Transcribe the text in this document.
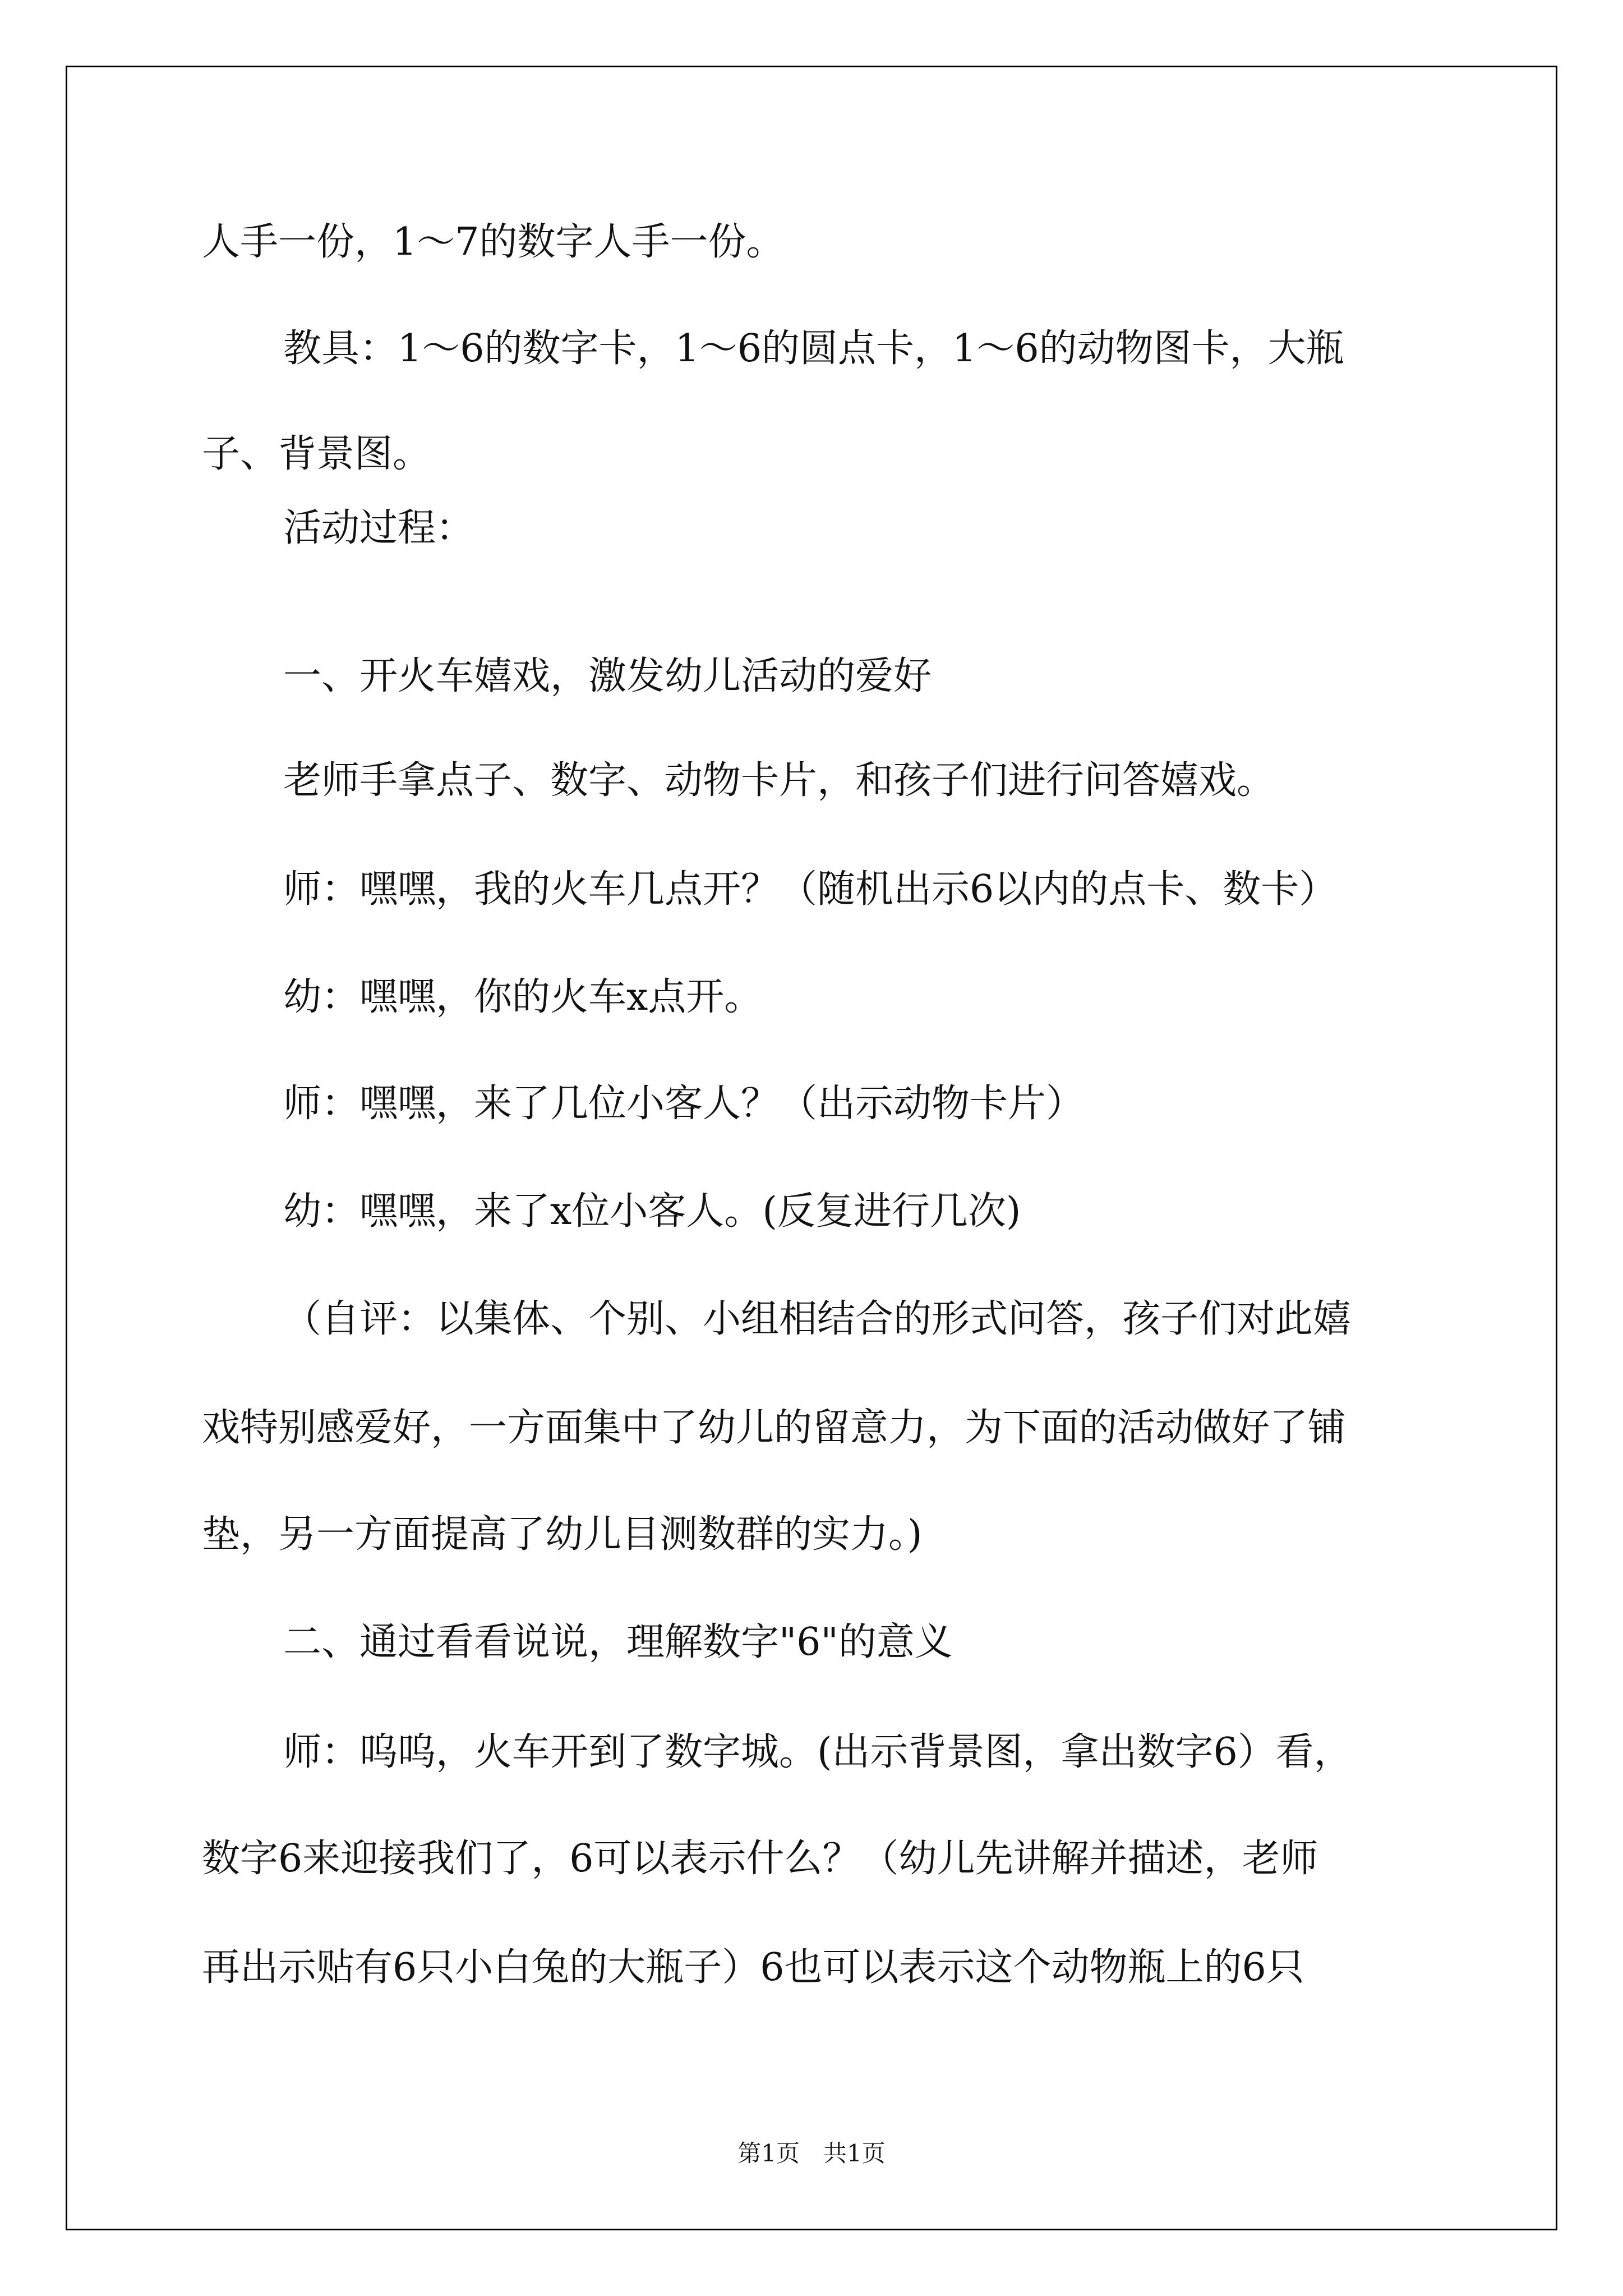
人手一份，1～7的数字人手一份。
教具：1～6的数字卡，1～6的圆点卡，1～6的动物图卡，大瓶
子、背景图。
活动过程：
一、开火车嬉戏，激发幼儿活动的爱好
老师手拿点子、数字、动物卡片，和孩子们进行问答嬉戏。
师：嘿嘿，我的火车几点开？（随机出示6以内的点卡、数卡）
幼：嘿嘿，你的火车x点开。
师：嘿嘿，来了几位小客人？（出示动物卡片）
幼：嘿嘿，来了x位小客人。(反复进行几次)
（自评：以集体、个别、小组相结合的形式问答，孩子们对此嬉
戏特别感爱好，一方面集中了幼儿的留意力，为下面的活动做好了铺
垫，另一方面提高了幼儿目测数群的实力。)
二、通过看看说说，理解数字"6"的意义
师：呜呜，火车开到了数字城。(出示背景图，拿出数字6）看，
数字6来迎接我们了，6可以表示什么？（幼儿先讲解并描述，老师
再出示贴有6只小白兔的大瓶子）6也可以表示这个动物瓶上的6只
第1页　共1页
